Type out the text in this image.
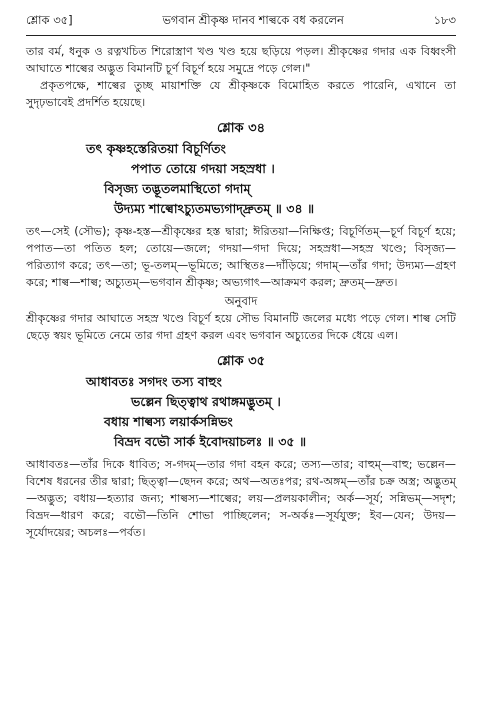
শ্লোক ৩৫]	ভগবান শ্রীকৃষ্ণ দানব শাল্বকে বধ করলেন	১৮৩

তার বর্ম, ধনুক ও রত্নখচিত শিরোস্ত্রাণ খণ্ড খণ্ড হয়ে ছড়িয়ে পড়ল। শ্রীকৃষ্ণের গদার এক বিধ্বংসী আঘাতে শাল্বের অদ্ভুত বিমানটি চূর্ণ বিচূর্ণ হয়ে সমুদ্রে পড়ে গেল।"

প্রকৃতপক্ষে, শাল্বের তুচ্ছ মায়াশক্তি যে শ্রীকৃষ্ণকে বিমোহিত করতে পারেনি, এখানে তা সুদৃঢ়ভাবেই প্রদর্শিত হয়েছে।

শ্লোক ৩৪
তৎ কৃষ্ণহস্তেরিতয়া বিচূর্ণিতং
পপাত তোয়ে গদয়া সহস্রধা ।
বিসৃজ্য তদ্ভূতলমাস্থিতো গদাম্
উদ্যম্য শাল্বোঽচ্যুতমভ্যগাদ্দ্রুতম্ ॥ ৩৪ ॥

তৎ—সেই (সৌভ); কৃষ্ণ-হস্ত—শ্রীকৃষ্ণের হস্ত দ্বারা; ঈরিতয়া—নিক্ষিপ্ত; বিচূর্ণিতম্—চূর্ণ বিচূর্ণ হয়ে; পপাত—তা পতিত হল; তোয়ে—জলে; গদয়া—গদা দিয়ে; সহস্রধা—সহস্র খণ্ডে; বিসৃজ্য—পরিত্যাগ করে; তৎ—তা; ভূ-তলম্—ভূমিতে; আস্থিতঃ—দাঁড়িয়ে; গদাম্—তাঁর গদা; উদ্যম্য—গ্রহণ করে; শাল্ব—শাল্ব; অচ্যুতম্—ভগবান শ্রীকৃষ্ণ; অভ্যগাৎ—আক্রমণ করল; দ্রুতম্—দ্রুত।

অনুবাদ

শ্রীকৃষ্ণের গদার আঘাতে সহস্র খণ্ডে বিচূর্ণ হয়ে সৌভ বিমানটি জলের মধ্যে পড়ে গেল। শাল্ব সেটি ছেড়ে স্বয়ং ভূমিতে নেমে তার গদা গ্রহণ করল এবং ভগবান অচ্যুতের দিকে ধেয়ে এল।

শ্লোক ৩৫
আধাবতঃ সগদং তস্য বাহুং
ভল্লেন ছিত্ত্বাথ রথাঙ্গমদ্ভুতম্ ।
বধায় শাল্বস্য লয়ার্কসন্নিভং
বিভ্রদ বভৌ সার্ক ইবোদয়াচলঃ ॥ ৩৫ ॥

আধাবতঃ—তাঁর দিকে ধাবিত; স-গদম্—তার গদা বহন করে; তস্য—তার; বাহুম্—বাহু; ভল্লেন—বিশেষ ধরনের তীর দ্বারা; ছিত্ত্বা—ছেদন করে; অথ—অতঃপর; রথ-অঙ্গম্—তাঁর চক্র অস্ত্র; অদ্ভুতম্—অদ্ভুত; বধায়—হত্যার জন্য; শাল্বস্য—শাল্বের; লয়—প্রলয়কালীন; অর্ক—সূর্য; সন্নিভম্—সদৃশ; বিভ্রদ—ধারণ করে; বভৌ—তিনি শোভা পাচ্ছিলেন; স-অর্কঃ—সূর্যযুক্ত; ইব—যেন; উদয়—সূর্যোদয়ের; অচলঃ—পর্বত।
